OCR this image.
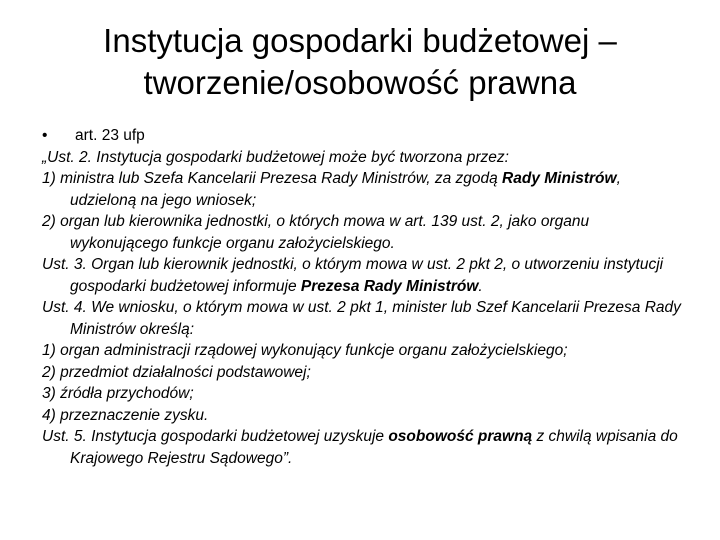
Instytucja gospodarki budżetowej –
tworzenie/osobowość prawna

• art. 23 ufp

„Ust. 2. Instytucja gospodarki budżetowej może być tworzona przez:

1) ministra lub Szefa Kancelarii Prezesa Rady Ministrów, za zgodą Rady Ministrów, udzieloną na jego wniosek;

2) organ lub kierownika jednostki, o których mowa w art. 139 ust. 2, jako organu wykonującego funkcje organu założycielskiego.

Ust. 3. Organ lub kierownik jednostki, o którym mowa w ust. 2 pkt 2, o utworzeniu instytucji gospodarki budżetowej informuje Prezesa Rady Ministrów.

Ust. 4. We wniosku, o którym mowa w ust. 2 pkt 1, minister lub Szef Kancelarii Prezesa Rady Ministrów określą:

1) organ administracji rządowej wykonujący funkcje organu założycielskiego;

2) przedmiot działalności podstawowej;

3) źródła przychodów;

4) przeznaczenie zysku.

Ust. 5. Instytucja gospodarki budżetowej uzyskuje osobowość prawną z chwilą wpisania do Krajowego Rejestru Sądowego”.
